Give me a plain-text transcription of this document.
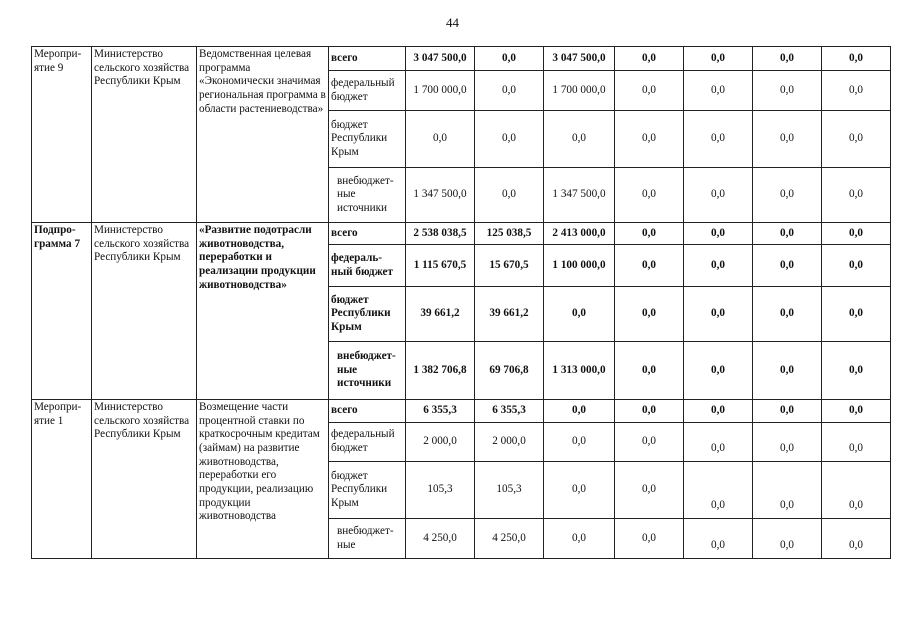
44
Меропри-ятие 9	Министерство сельского хозяйства Республики Крым	Ведомственная целевая программа «Экономически значимая региональная программа в области растениеводства»	всего	3 047 500,0	0,0	3 047 500,0	0,0	0,0	0,0	0,0
			федеральный бюджет	1 700 000,0	0,0	1 700 000,0	0,0	0,0	0,0	0,0
			бюджет Республики Крым	0,0	0,0	0,0	0,0	0,0	0,0	0,0
			внебюджет-ные источники	1 347 500,0	0,0	1 347 500,0	0,0	0,0	0,0	0,0
Подпро-грамма 7	Министерство сельского хозяйства Республики Крым	«Развитие подотрасли животноводства, переработки и реализации продукции животноводства»	всего	2 538 038,5	125 038,5	2 413 000,0	0,0	0,0	0,0	0,0
			федераль-ный бюджет	1 115 670,5	15 670,5	1 100 000,0	0,0	0,0	0,0	0,0
			бюджет Республики Крым	39 661,2	39 661,2	0,0	0,0	0,0	0,0	0,0
			внебюджет-ные источники	1 382 706,8	69 706,8	1 313 000,0	0,0	0,0	0,0	0,0
Меропри-ятие 1	Министерство сельского хозяйства Республики Крым	Возмещение части процентной ставки по краткосрочным кредитам (займам) на развитие животноводства, переработки его продукции, реализацию продукции животноводства	всего	6 355,3	6 355,3	0,0	0,0	0,0	0,0	0,0
			федеральный бюджет	2 000,0	2 000,0	0,0	0,0	0,0	0,0	0,0
			бюджет Республики Крым	105,3	105,3	0,0	0,0	0,0	0,0	0,0
			внебюджет-ные	4 250,0	4 250,0	0,0	0,0	0,0	0,0	0,0
